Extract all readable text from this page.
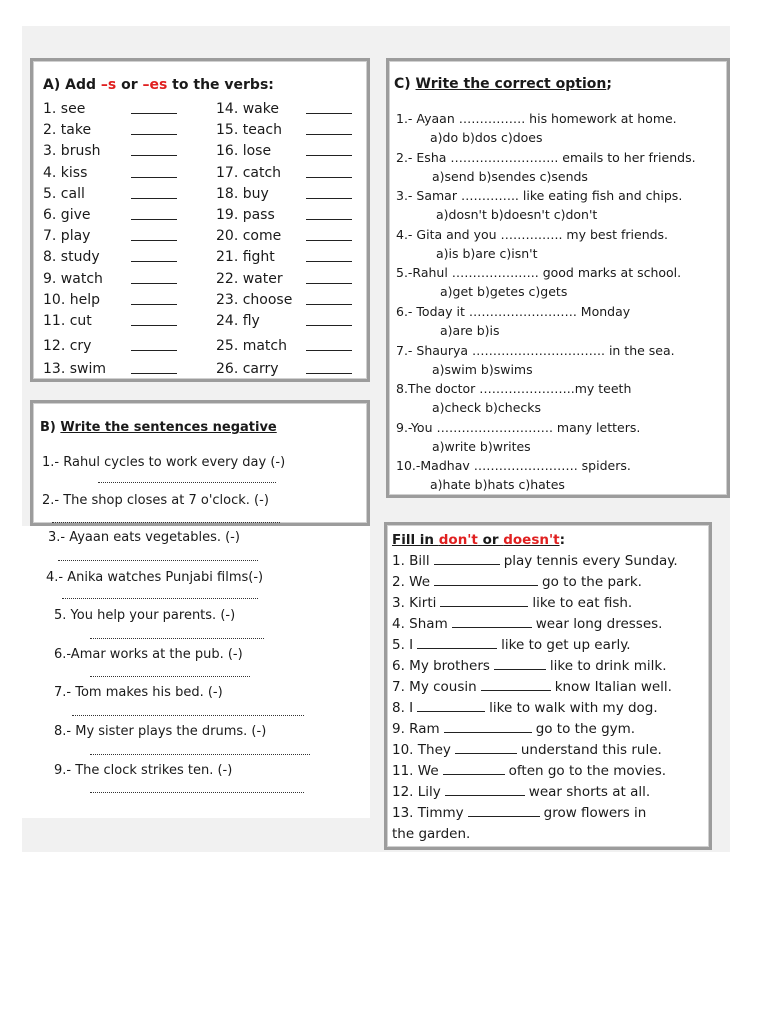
A) Add –s or –es to the verbs:
1. see
2. take
3. brush
4. kiss
5. call
6. give
7. play
8. study
9. watch
10. help
11. cut
12. cry
13. swim
14. wake
15. teach
16. lose
17. catch
18. buy
19. pass
20. come
21. fight
22. water
23. choose
24. fly
25. match
26. carry
B) Write the sentences negative
1.- Rahul cycles to work every day (-)
2.- The shop closes at 7 o'clock. (-)
3.- Ayaan eats vegetables. (-)
4.- Anika watches Punjabi films(-)
5. You help your parents. (-)
6.-Amar works at the pub. (-)
7.- Tom makes his bed. (-)
8.- My sister plays the drums. (-)
9.- The clock strikes ten. (-)
C) Write the correct option;
1.- Ayaan ……………. his homework at home.
a)do b)dos c)does
2.- Esha …………………….. emails to her friends.
a)send b)sendes c)sends
3.- Samar ………….. like eating fish and chips.
a)dosn't b)doesn't c)don't
4.- Gita and you ……….….. my best friends.
a)is b)are c)isn't
5.-Rahul …………….….. good marks at school.
a)get b)getes c)gets
6.- Today it ………………….…. Monday
a)are b)is
7.- Shaurya ………………………….. in the sea.
a)swim b)swims
8.The doctor …………………..my teeth
a)check b)checks
9.-You ………………………. many letters.
a)write b)writes
10.-Madhav ……………………. spiders.
a)hate b)hats c)hates
Fill in don't or doesn't:
1. Bill	play tennis every Sunday.
2. We	go to the park.
3. Kirti	like to eat fish.
4. Sham	wear long dresses.
5. I	like to get up early.
6. My brothers	like to drink milk.
7. My cousin	know Italian well.
8. I	like to walk with my dog.
9. Ram	go to the gym.
10. They	understand this rule.
11. We	often go to the movies.
12. Lily	wear shorts at all.
13. Timmy	grow flowers in
the garden.
